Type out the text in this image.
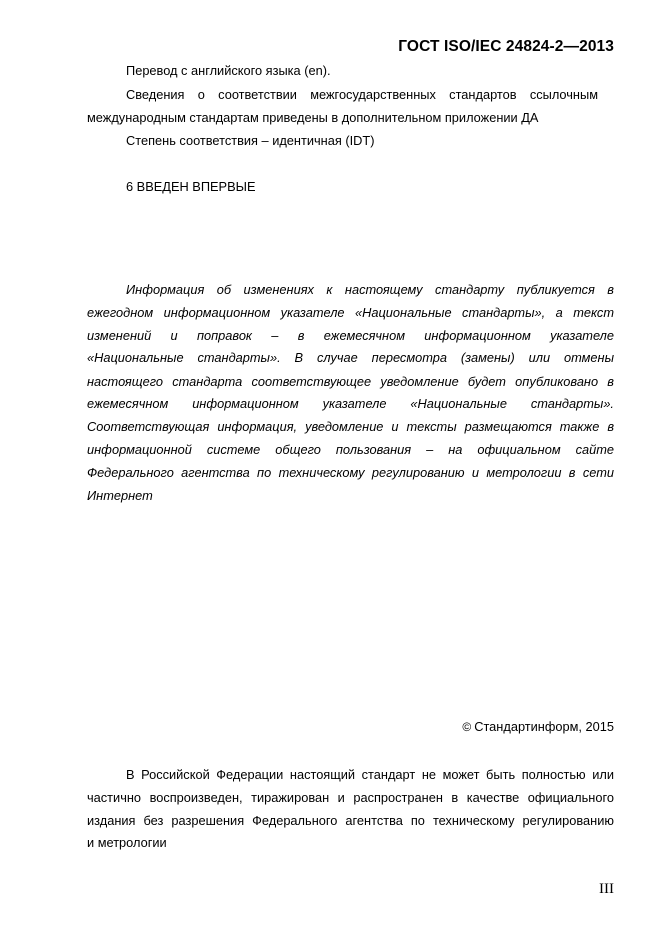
ГОСТ ISO/IEC 24824-2—2013
Перевод с английского языка (en).
Сведения о соответствии межгосударственных стандартов ссылочным
международным стандартам приведены в дополнительном приложении ДА
Степень соответствия – идентичная (IDT)
6 ВВЕДЕН ВПЕРВЫЕ
Информация об изменениях к настоящему стандарту публикуется в
ежегодном информационном указателе «Национальные стандарты», а текст
изменений и поправок – в ежемесячном информационном указателе
«Национальные стандарты». В случае пересмотра (замены) или отмены
настоящего стандарта соответствующее уведомление будет опубликовано в
ежемесячном информационном указателе «Национальные стандарты».
Соответствующая информация, уведомление и тексты размещаются также в
информационной системе общего пользования – на официальном сайте
Федерального агентства по техническому регулированию и метрологии в сети
Интернет
© Стандартинформ, 2015
В Российской Федерации настоящий стандарт не может быть полностью или
частично воспроизведен, тиражирован и распространен в качестве официального
издания без разрешения Федерального агентства по техническому регулированию
и метрологии
III
